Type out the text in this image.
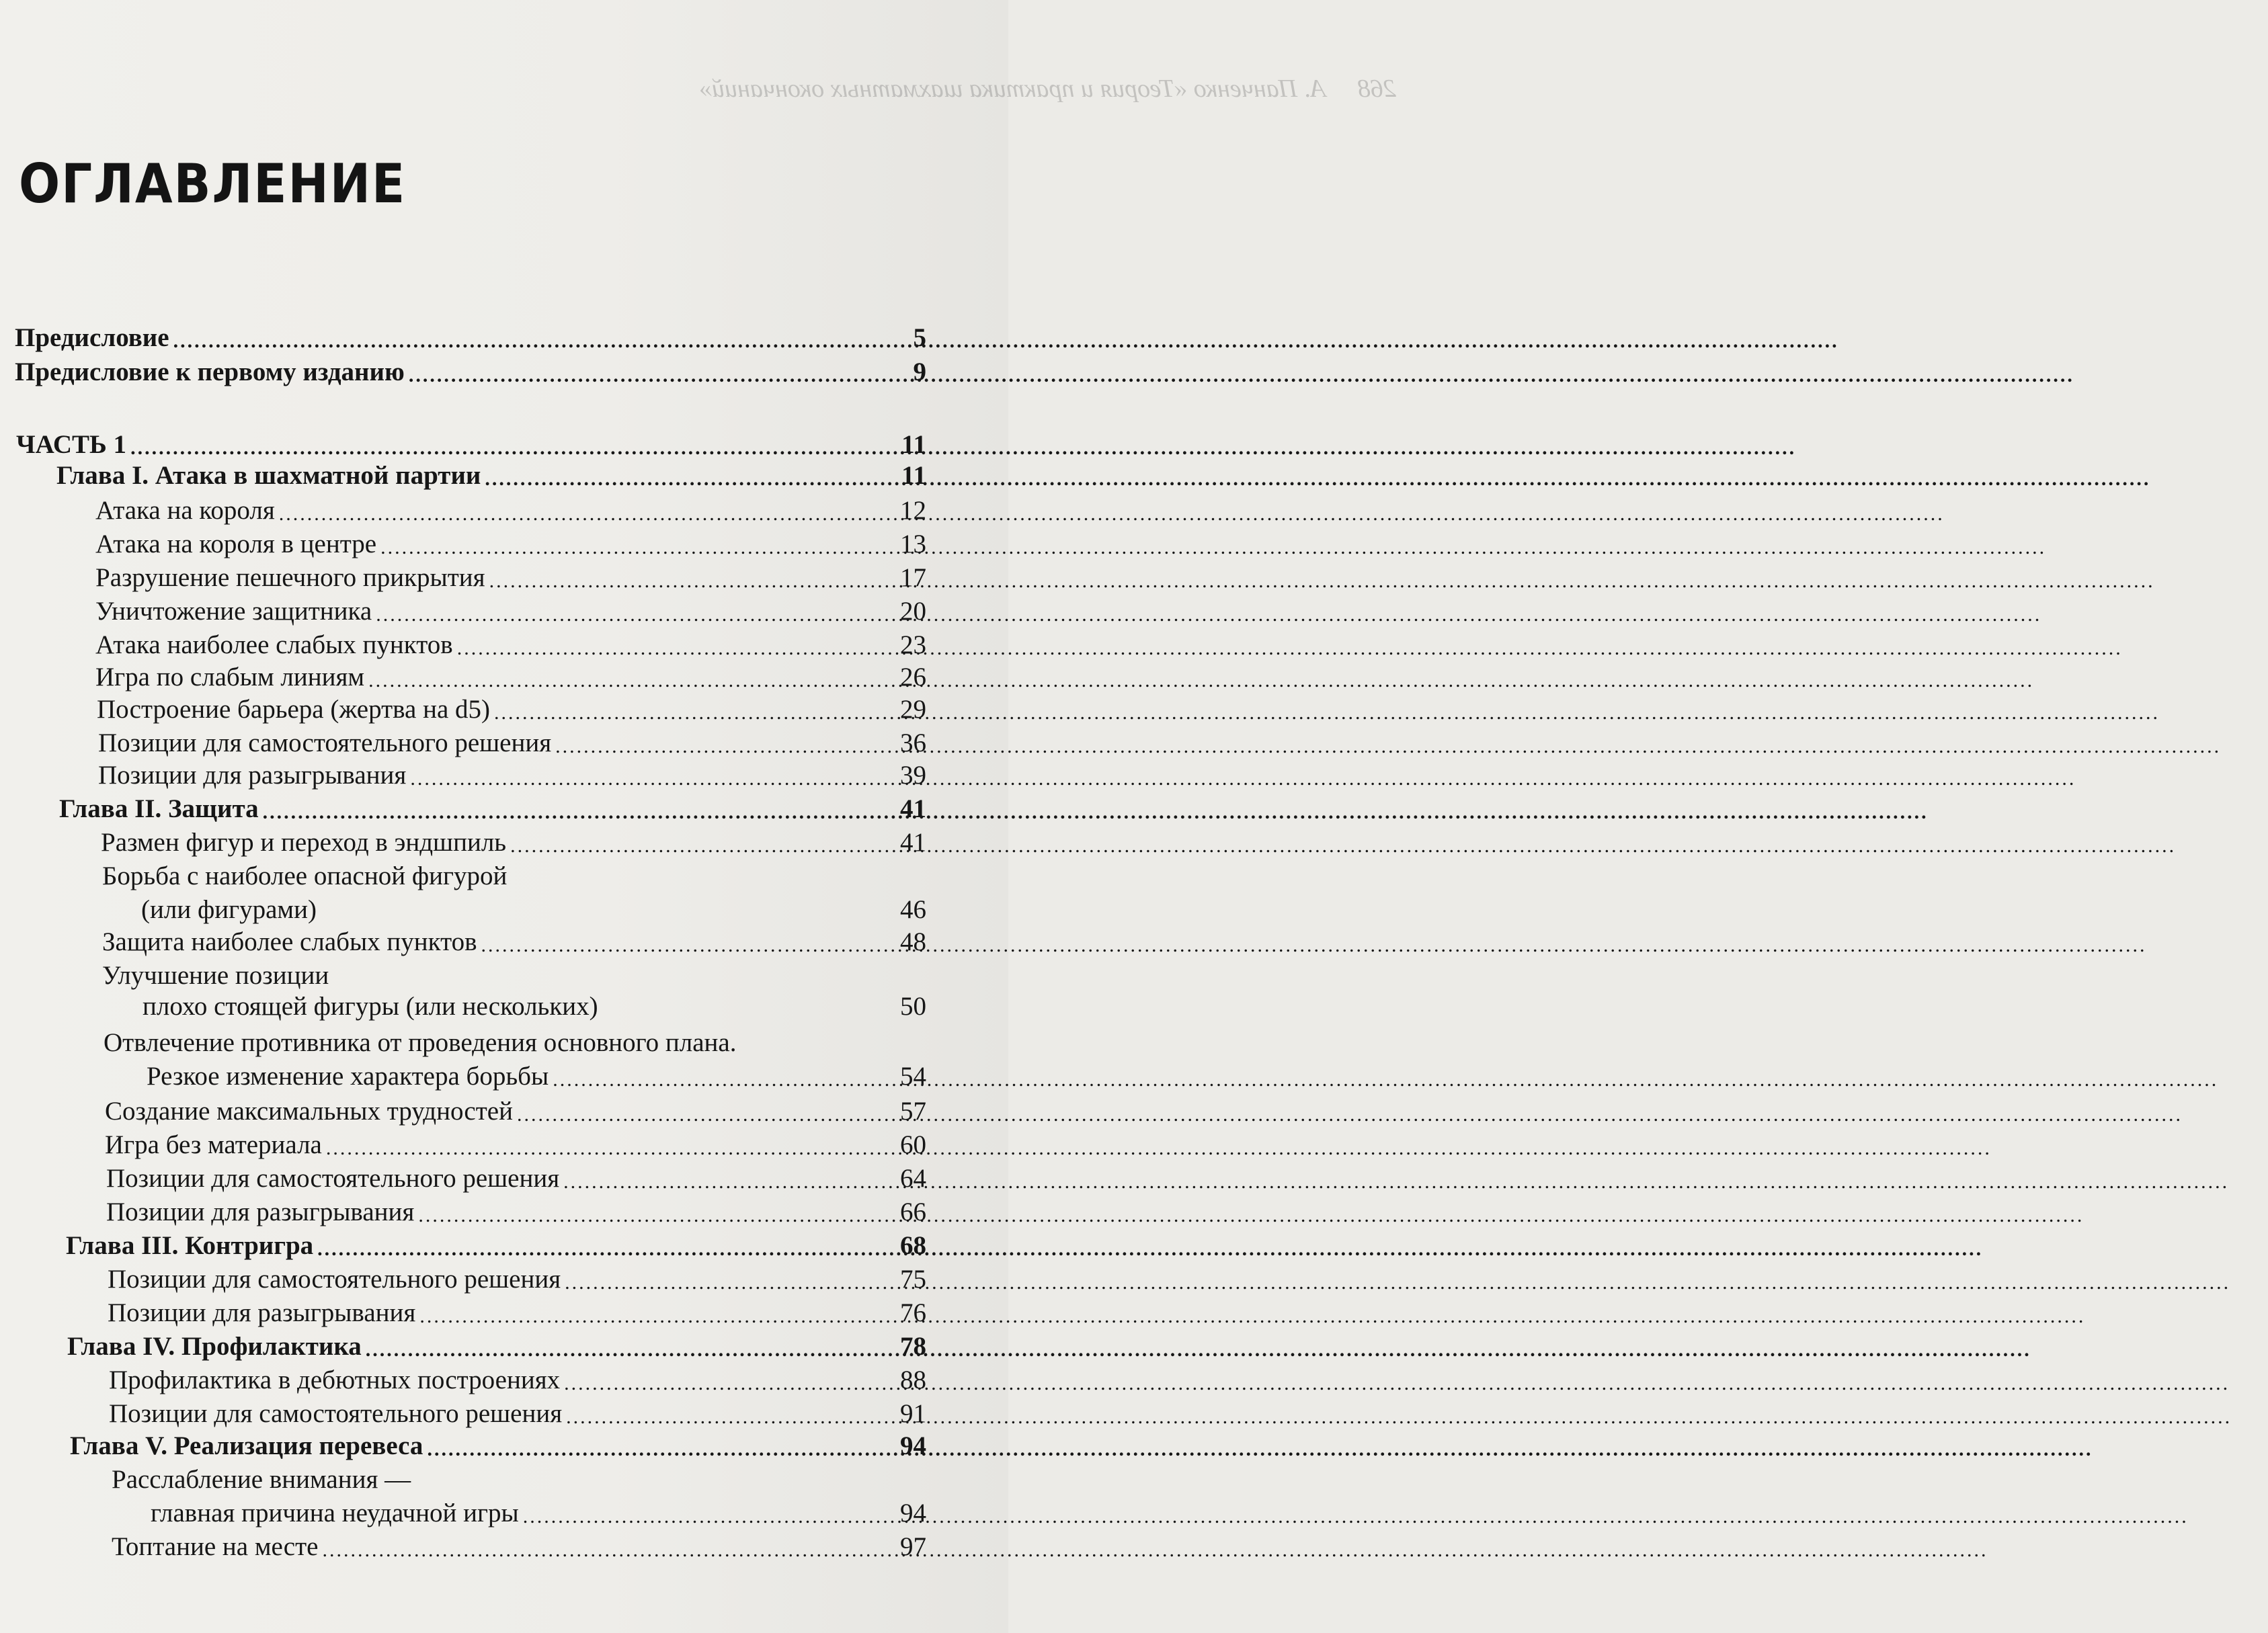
268     А. Панченко «Теория и практика шахматных окончаний»
ОГЛАВЛЕНИЕ
Предисловие .....	5
Предисловие к первому изданию .....	9
ЧАСТЬ 1 .....	11
Глава I. Атака в шахматной партии .....	11
Атака на короля .....	12
Атака на короля в центре .....	13
Разрушение пешечного прикрытия .....	17
Уничтожение защитника .....	20
Атака наиболее слабых пунктов .....	23
Игра по слабым линиям .....	26
Построение барьера (жертва на d5) .....	29
Позиции для самостоятельного решения .....	36
Позиции для разыгрывания .....	39
Глава II. Защита .....	41
Размен фигур и переход в эндшпиль .....	41
Борьба с наиболее опасной фигурой
(или фигурами)	46
Защита наиболее слабых пунктов .....	48
Улучшение позиции
плохо стоящей фигуры (или нескольких)	50
Отвлечение противника от проведения основного плана.
Резкое изменение характера борьбы .....	54
Создание максимальных трудностей .....	57
Игра без материала .....	60
Позиции для самостоятельного решения .....	64
Позиции для разыгрывания .....	66
Глава III. Контригра .....	68
Позиции для самостоятельного решения .....	75
Позиции для разыгрывания .....	76
Глава IV. Профилактика .....	78
Профилактика в дебютных построениях .....	88
Позиции для самостоятельного решения .....	91
Глава V. Реализация перевеса .....	94
Расслабление внимания —
главная причина неудачной игры .....	94
Топтание на месте .....	97
